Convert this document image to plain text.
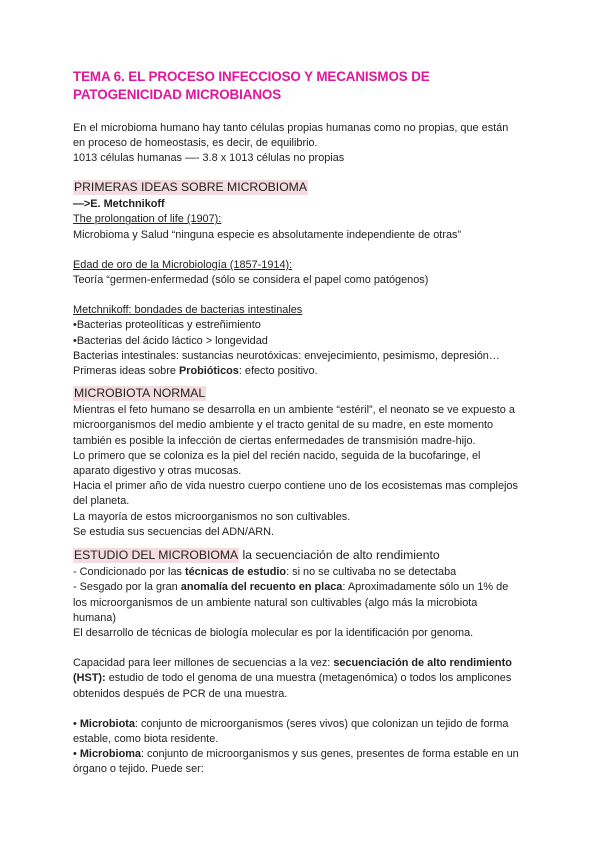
TEMA 6. EL PROCESO INFECCIOSO Y MECANISMOS DE
PATOGENICIDAD MICROBIANOS
En el microbioma humano hay tanto células propias humanas como no propias, que están
en proceso de homeostasis, es decir, de equilibrio.
1013 células humanas —- 3.8 x 1013 células no propias
PRIMERAS IDEAS SOBRE MICROBIOMA
—>E. Metchnikoff
The prolongation of life (1907):
Microbioma y Salud “ninguna especie es absolutamente independiente de otras”
Edad de oro de la Microbiología (1857-1914):
Teoría “germen-enfermedad (sólo se considera el papel como patógenos)
Metchnikoff: bondades de bacterias intestinales
•Bacterias proteolíticas y estreñimiento
•Bacterias del ácido láctico > longevidad
Bacterias intestinales: sustancias neurotóxicas: envejecimiento, pesimismo, depresión…
Primeras ideas sobre Probióticos: efecto positivo.
MICROBIOTA NORMAL
Mientras el feto humano se desarrolla en un ambiente “estéril”, el neonato se ve expuesto a
microorganismos del medio ambiente y el tracto genital de su madre, en este momento
también es posible la infección de ciertas enfermedades de transmisión madre-hijo.
Lo primero que se coloniza es la piel del recién nacido, seguida de la bucofaringe, el
aparato digestivo y otras mucosas.
Hacia el primer año de vida nuestro cuerpo contiene uno de los ecosistemas mas complejos
del planeta.
La mayoría de estos microorganismos no son cultivables.
Se estudia sus secuencias del ADN/ARN.
ESTUDIO DEL MICROBIOMA la secuenciación de alto rendimiento
- Condicionado por las técnicas de estudio: si no se cultivaba no se detectaba
- Sesgado por la gran anomalía del recuento en placa: Aproximadamente sólo un 1% de
los microorganismos de un ambiente natural son cultivables (algo más la microbiota
humana)
El desarrollo de técnicas de biología molecular es por la identificación por genoma.
Capacidad para leer millones de secuencias a la vez: secuenciación de alto rendimiento
(HST): estudio de todo el genoma de una muestra (metagenómica) o todos los amplicones
obtenidos después de PCR de una muestra.
• Microbiota: conjunto de microorganismos (seres vivos) que colonizan un tejido de forma
estable, como biota residente.
• Microbioma: conjunto de microorganismos y sus genes, presentes de forma estable en un
órgano o tejido. Puede ser:
